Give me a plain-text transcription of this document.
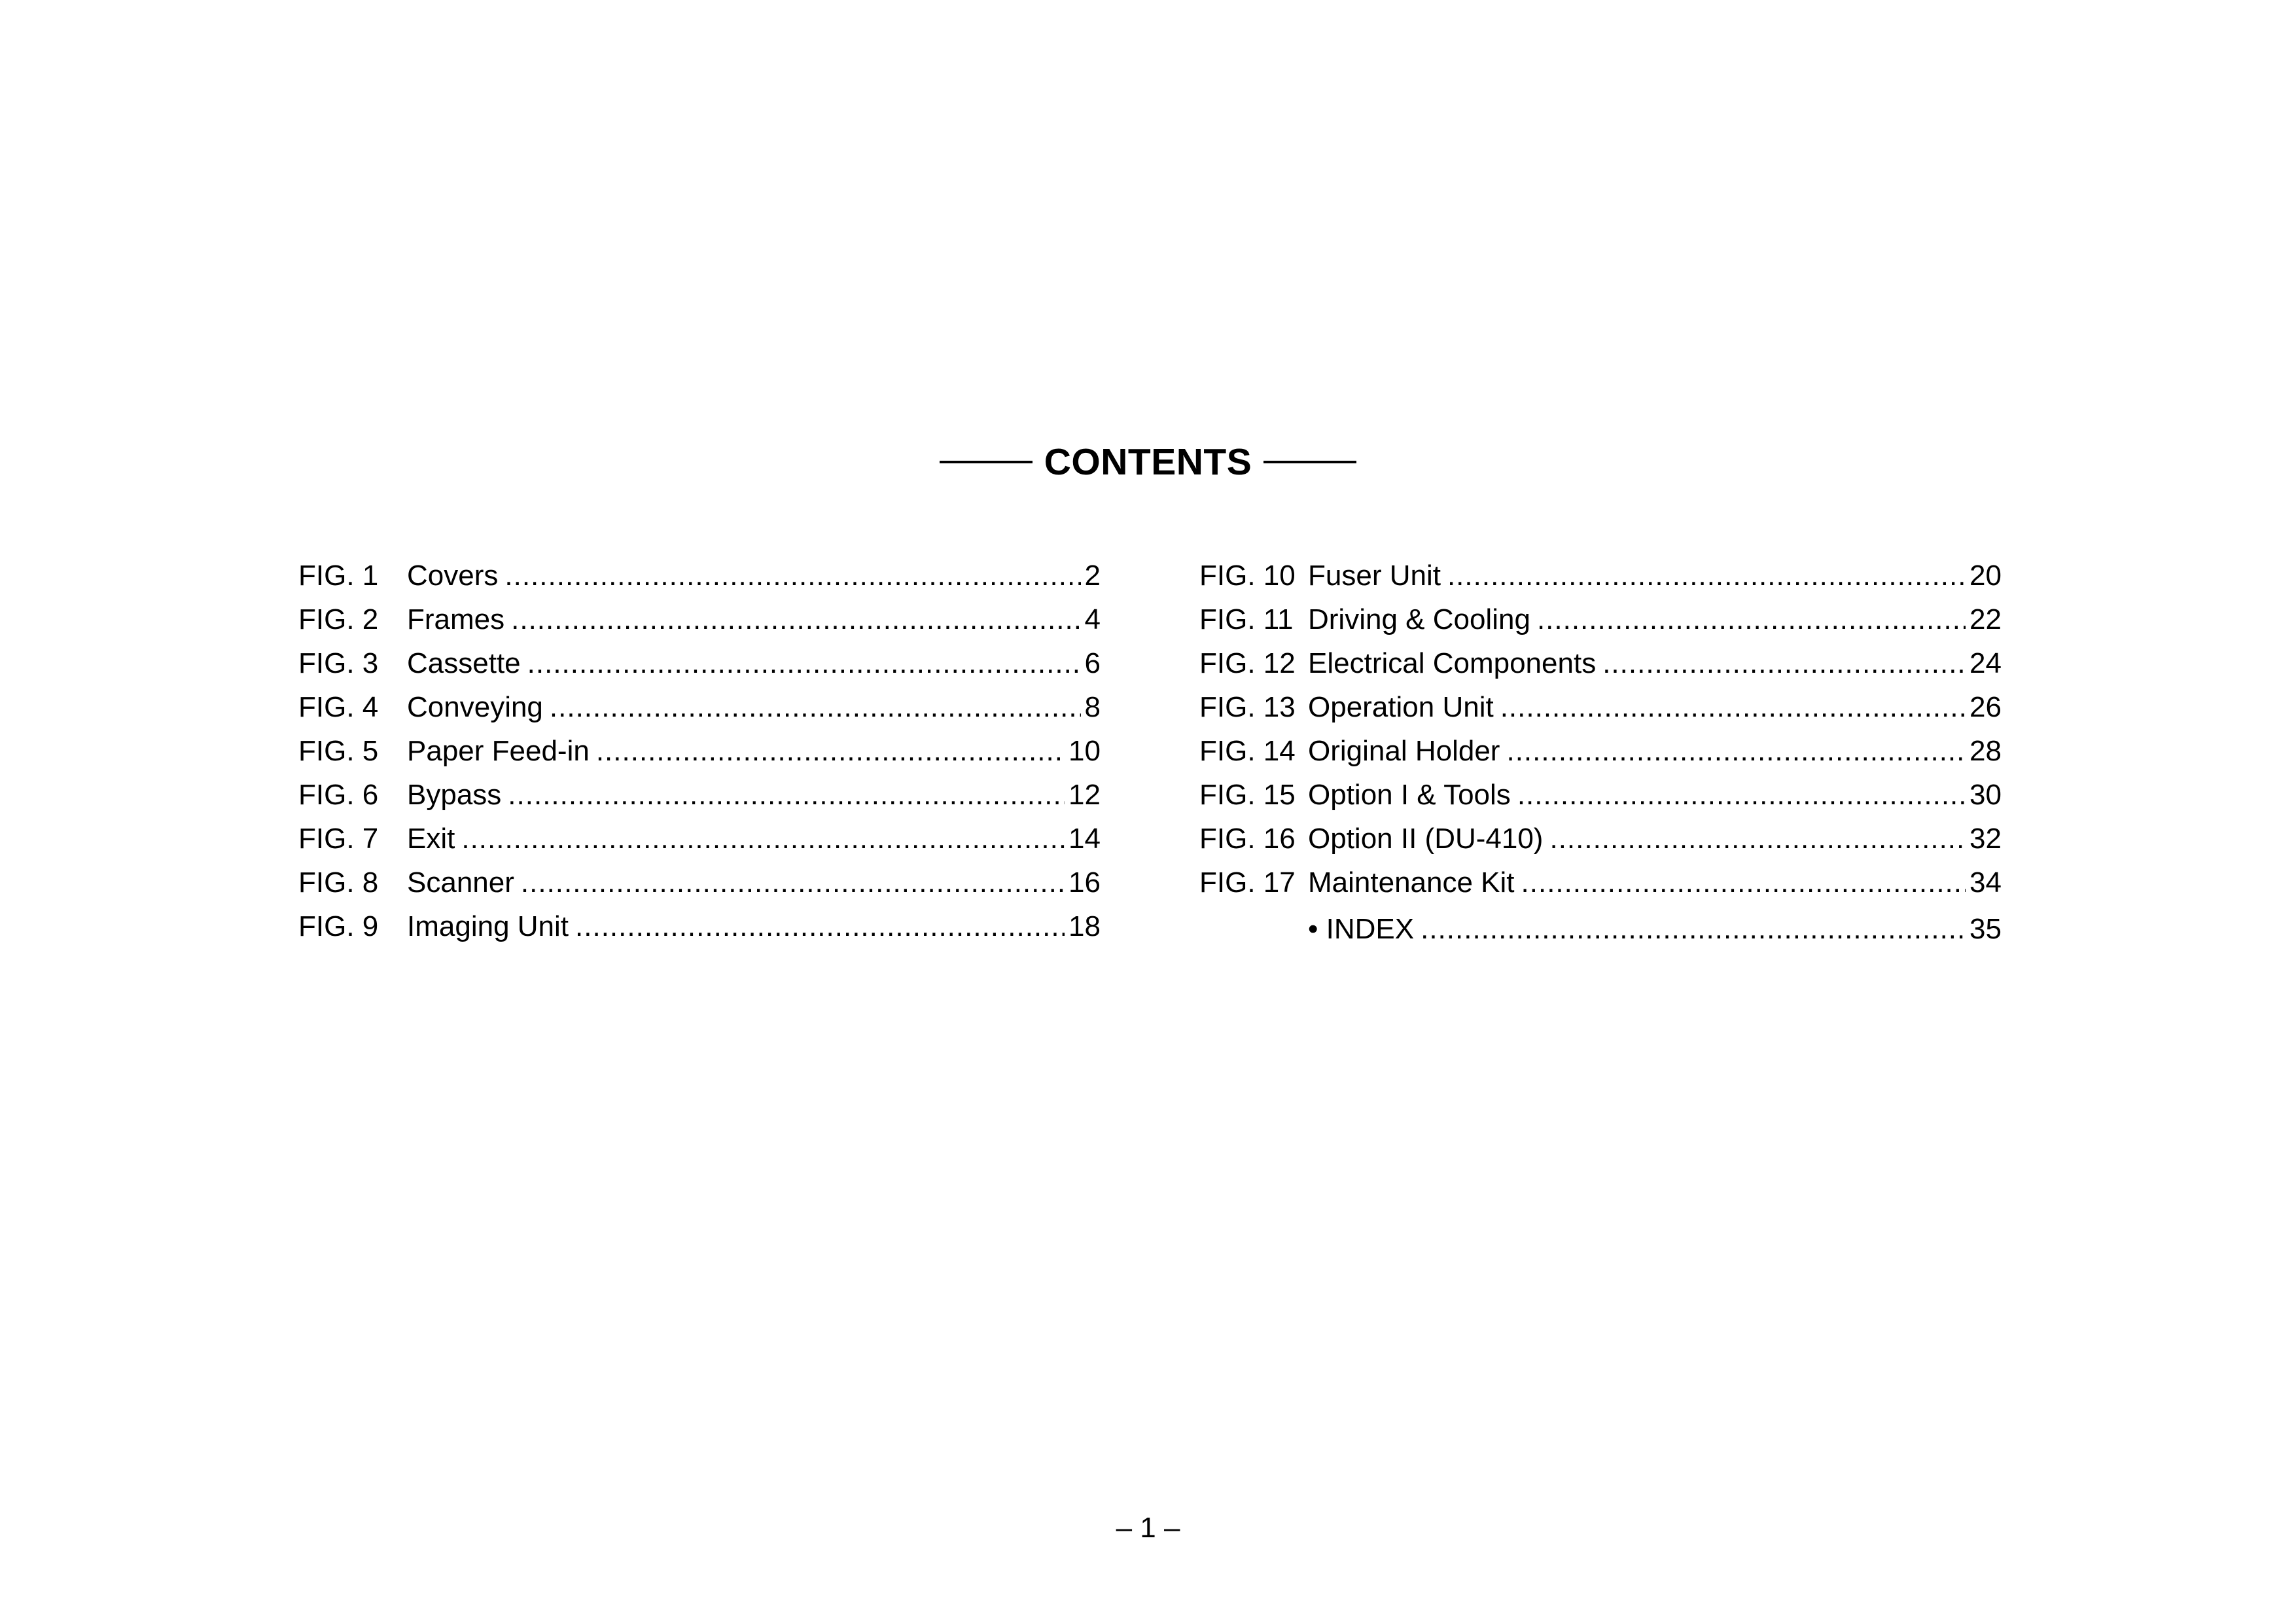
CONTENTS
FIG. 1 Covers .....	2
FIG. 2 Frames .....	4
FIG. 3 Cassette .....	6
FIG. 4 Conveying .....	8
FIG. 5 Paper Feed-in .....	10
FIG. 6 Bypass .....	12
FIG. 7 Exit .....	14
FIG. 8 Scanner .....	16
FIG. 9 Imaging Unit .....	18
FIG. 10 Fuser Unit .....	20
FIG. 11 Driving & Cooling .....	22
FIG. 12 Electrical Components .....	24
FIG. 13 Operation Unit .....	26
FIG. 14 Original Holder .....	28
FIG. 15 Option I & Tools .....	30
FIG. 16 Option II (DU-410) .....	32
FIG. 17 Maintenance Kit .....	34
• INDEX .....	35
– 1 –
